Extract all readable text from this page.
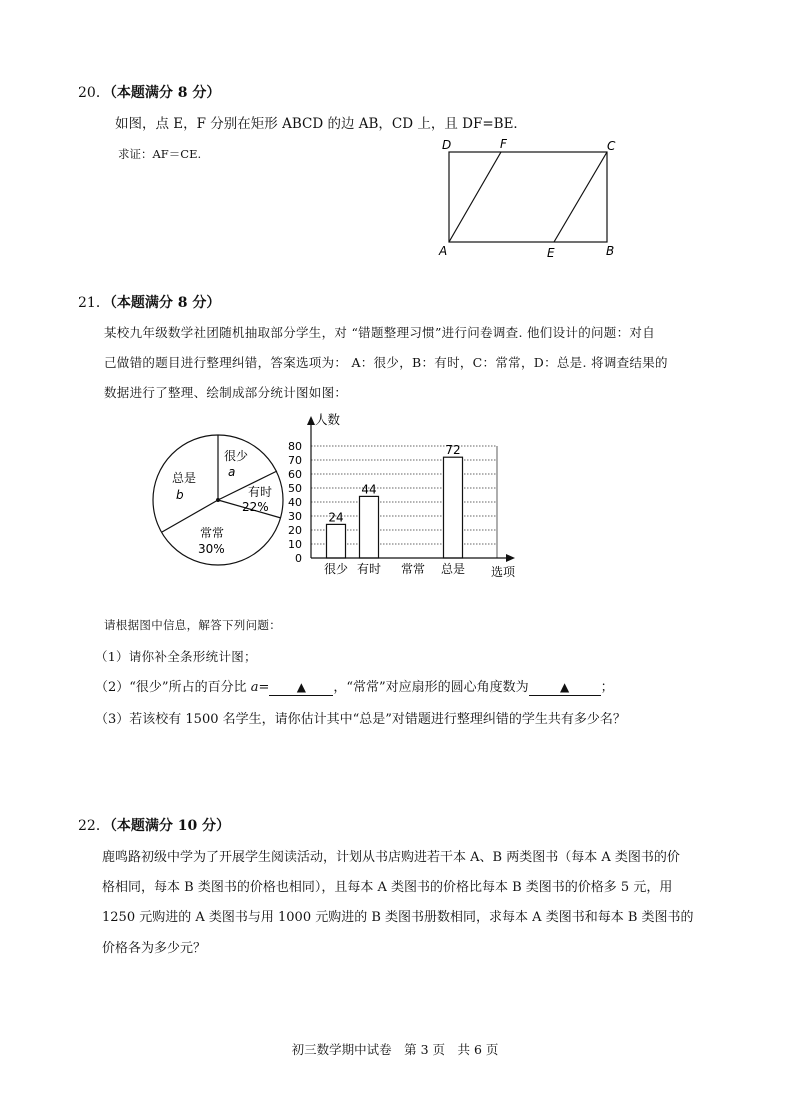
20．（本题满分 8 分）
如图，点 E，F 分别在矩形 ABCD 的边 AB，CD 上，且 DF=BE．
求证：AF＝CE.
D	F	C
A	E	B
21．（本题满分 8 分）
某校九年级数学社团随机抽取部分学生，对 “错题整理习惯”进行问卷调查. 他们设计的问题：对自
己做错的题目进行整理纠错，答案选项为： A：很少，B：有时，C：常常，D：总是. 将调查结果的
数据进行了整理、绘制成部分统计图如图：
很少
a
有时
22%
常常
30%
总是
b
0
10
20
30
40
50
60
70
80
24
44
72
很少 有时 常常 总是
人数
选项
请根据图中信息，解答下列问题：
（1）请你补全条形统计图；
（2）“很少”所占的百分比 a= ▲ ，“常常”对应扇形的圆心角度数为	▲ ；
（3）若该校有 1500 名学生，请你估计其中“总是”对错题进行整理纠错的学生共有多少名？
22．（本题满分 10 分）
鹿鸣路初级中学为了开展学生阅读活动，计划从书店购进若干本 A、B 两类图书（每本 A 类图书的价
格相同，每本 B 类图书的价格也相同），且每本 A 类图书的价格比每本 B 类图书的价格多 5 元，用
1250 元购进的 A 类图书与用 1000 元购进的 B 类图书册数相同，求每本 A 类图书和每本 B 类图书的
价格各为多少元？
初三数学期中试卷　第 3 页　共 6 页
